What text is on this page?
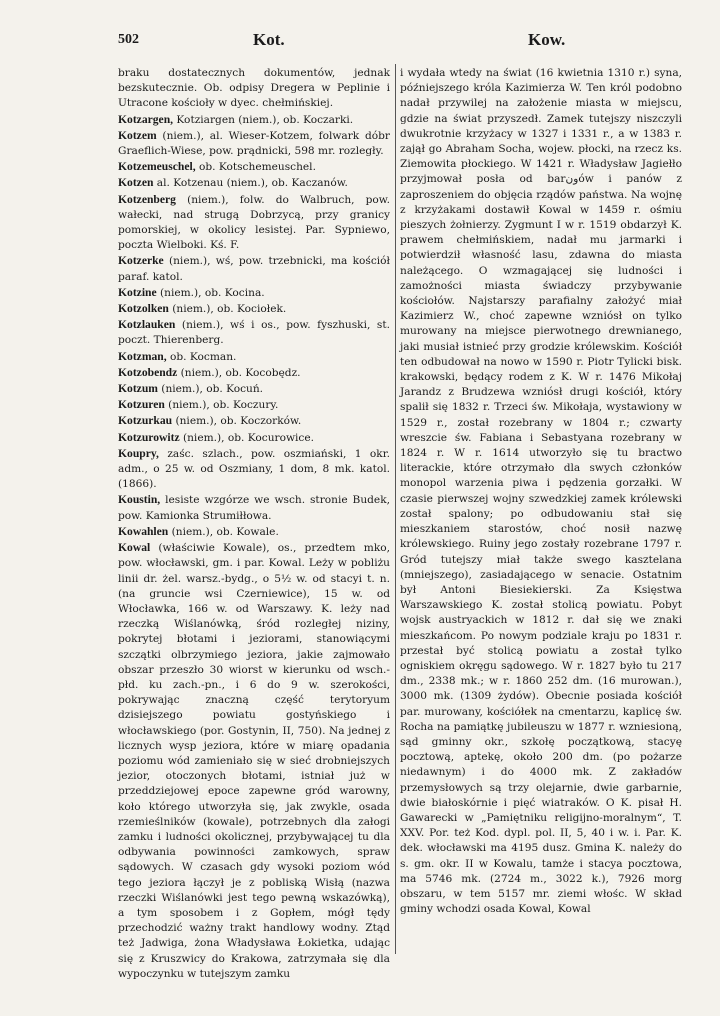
502	Kot.	Kow.

braku dostatecznych dokumentów, jednak bezskutecznie. Ob. odpisy Dregera w Peplinie i Utracone kościoły w dyec. chełmińskiej.

Kotzargen, Kotziargen (niem.), ob. Koczarki.

Kotzem (niem.), al. Wieser-Kotzem, folwark dóbr Graeflich-Wiese, pow. prądnicki, 598 mr. rozległy.

Kotzemeuschel, ob. Kotschemeuschel.

Kotzen al. Kotzenau (niem.), ob. Kaczanów.

Kotzenberg (niem.), folw. do Walbruch, pow. wałecki, nad strugą Dobrzycą, przy granicy pomorskiej, w okolicy lesistej. Par. Sypniewo, poczta Wielboki. Kś. F.

Kotzerke (niem.), wś, pow. trzebnicki, ma kościół paraf. katol.

Kotzine (niem.), ob. Kocina.

Kotzolken (niem.), ob. Kociołek.

Kotzlauken (niem.), wś i os., pow. fyszhuski, st. poczt. Thierenberg.

Kotzman, ob. Kocman.

Kotzobendz (niem.), ob. Kocobędz.

Kotzum (niem.), ob. Kocuń.

Kotzuren (niem.), ob. Koczury.

Kotzurkau (niem.), ob. Koczorków.

Kotzurowitz (niem.), ob. Kocurowice.

Koupry, zaśc. szlach., pow. oszmiański, 1 okr. adm., o 25 w. od Oszmiany, 1 dom, 8 mk. katol. (1866).

Koustin, lesiste wzgórze we wsch. stronie Budek, pow. Kamionka Strumiłłowa.

Kowahlen (niem.), ob. Kowale.

Kowal (właściwie Kowale), os., przedtem mko, pow. włocławski, gm. i par. Kowal. Leży w pobliżu linii dr. żel. warsz.-bydg., o 5½ w. od stacyi t. n. (na gruncie wsi Czerniewice), 15 w. od Włocławka, 166 w. od Warszawy. K. leży nad rzeczką Wiślanówką, śród rozległej niziny, pokrytej błotami i jeziorami, stanowiącymi szczątki olbrzymiego jeziora, jakie zajmowało obszar przeszło 30 wiorst w kierunku od wsch.-płd. ku zach.-pn., i 6 do 9 w. szerokości, pokrywając znaczną część terytoryum dzisiejszego powiatu gostyńskiego i włocławskiego (por. Gostynin, II, 750). Na jednej z licznych wysp jeziora, które w miarę opadania poziomu wód zamieniało się w sieć drobniejszych jezior, otoczonych błotami, istniał już w przeddziejowej epoce zapewne gród warowny, koło którego utworzyła się, jak zwykle, osada rzemieślników (kowale), potrzebnych dla załogi zamku i ludności okolicznej, przybywającej tu dla odbywania powinności zamkowych, spraw sądowych. W czasach gdy wysoki poziom wód tego jeziora łączył je z pobliską Wisłą (nazwa rzeczki Wiślanówki jest tego pewną wskazówką), a tym sposobem i z Gopłem, mógł tędy przechodzić ważny trakt handlowy wodny. Ztąd też Jadwiga, żona Władysława Łokietka, udając się z Kruszwicy do Krakowa, zatrzymała się dla wypoczynku w tutejszym zamku

i wydała wtedy na świat (16 kwietnia 1310 r.) syna, późniejszego króla Kazimierza W. Ten król podobno nadał przywilej na założenie miasta w miejscu, gdzie na świat przyszedł. Zamek tutejszy niszczyli dwukrotnie krzyżacy w 1327 i 1331 r., a w 1383 r. zajął go Abraham Socha, wojew. płocki, na rzecz ks. Ziemowita płockiego. W 1421 r. Władysław Jagiełło przyjmował posła od barونów i panów z zaproszeniem do objęcia rządów państwa. Na wojnę z krzyżakami dostawił Kowal w 1459 r. ośmiu pieszych żołnierzy. Zygmunt I w r. 1519 obdarzył K. prawem chełmińskiem, nadał mu jarmarki i potwierdził własność lasu, zdawna do miasta należącego. O wzmagającej się ludności i zamożności miasta świadczy przybywanie kościołów. Najstarszy parafialny założyć miał Kazimierz W., choć zapewne wzniósł on tylko murowany na miejsce pierwotnego drewnianego, jaki musiał istnieć przy grodzie królewskim. Kościół ten odbudował na nowo w 1590 r. Piotr Tylicki bisk. krakowski, będący rodem z K. W r. 1476 Mikołaj Jarandz z Brudzewa wzniósł drugi kościół, który spalił się 1832 r. Trzeci św. Mikołaja, wystawiony w 1529 r., został rozebrany w 1804 r.; czwarty wreszcie św. Fabiana i Sebastyana rozebrany w 1824 r. W r. 1614 utworzyło się tu bractwo literackie, które otrzymało dla swych członków monopol warzenia piwa i pędzenia gorzałki. W czasie pierwszej wojny szwedzkiej zamek królewski został spalony; po odbudowaniu stał się mieszkaniem starostów, choć nosił nazwę królewskiego. Ruiny jego zostały rozebrane 1797 r. Gród tutejszy miał także swego kasztelana (mniejszego), zasiadającego w senacie. Ostatnim był Antoni Biesiekierski. Za Księstwa Warszawskiego K. został stolicą powiatu. Pobyt wojsk austryackich w 1812 r. dał się we znaki mieszkańcom. Po nowym podziale kraju po 1831 r. przestał być stolicą powiatu a został tylko ogniskiem okręgu sądowego. W r. 1827 było tu 217 dm., 2338 mk.; w r. 1860 252 dm. (16 murowan.), 3000 mk. (1309 żydów). Obecnie posiada kościół par. murowany, kościółek na cmentarzu, kaplicę św. Rocha na pamiątkę jubileuszu w 1877 r. wzniesioną, sąd gminny okr., szkołę początkową, stacyę pocztową, aptekę, około 200 dm. (po pożarze niedawnym) i do 4000 mk. Z zakładów przemysłowych są trzy olejarnie, dwie garbarnie, dwie białoskórnie i pięć wiatraków. O K. pisał H. Gawarecki w „Pamiętniku religijno-moralnym“, T. XXV. Por. też Kod. dypl. pol. II, 5, 40 i w. i. Par. K. dek. włocławski ma 4195 dusz. Gmina K. należy do s. gm. okr. II w Kowalu, tamże i stacya pocztowa, ma 5746 mk. (2724 m., 3022 k.), 7926 morg obszaru, w tem 5157 mr. ziemi włośc. W skład gminy wchodzi osada Kowal, Kowal
